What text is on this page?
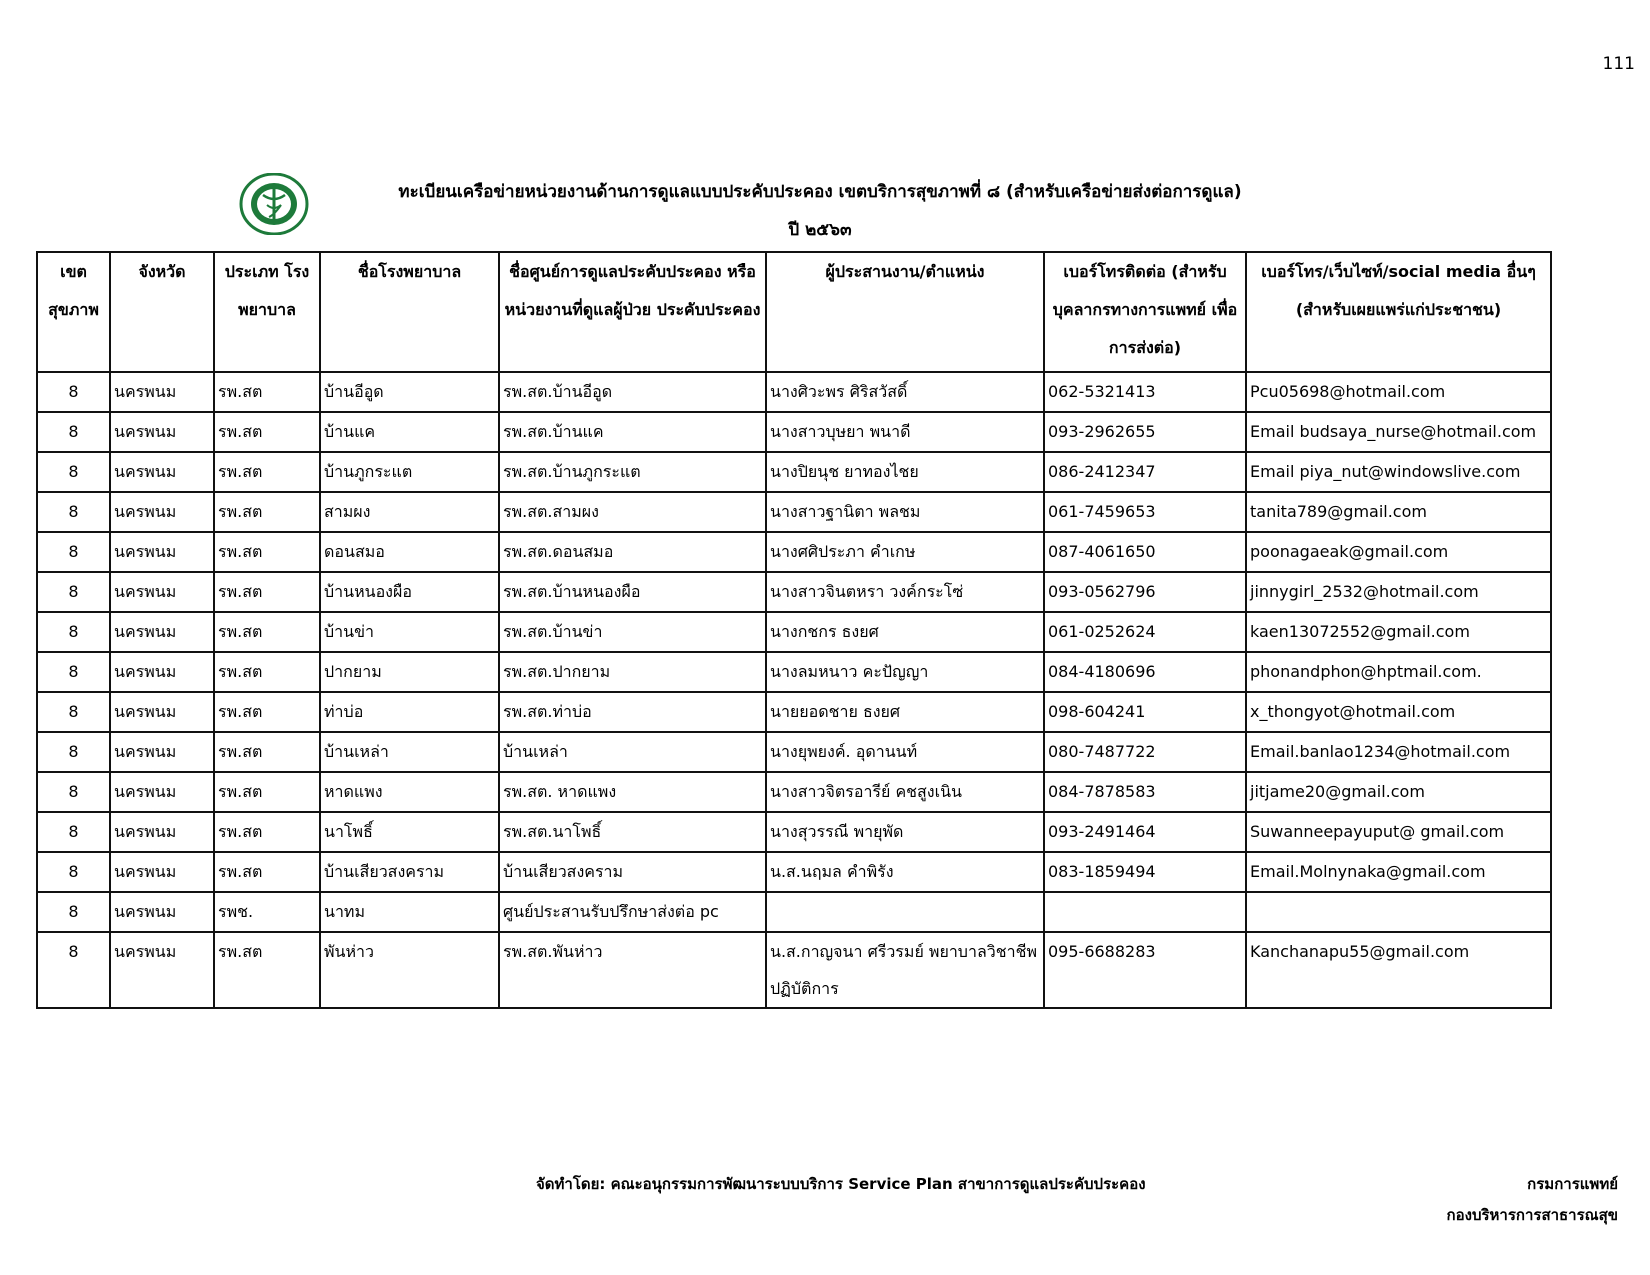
111
ทะเบียนเครือข่ายหน่วยงานด้านการดูแลแบบประคับประคอง เขตบริการสุขภาพที่ ๘ (สำหรับเครือข่ายส่งต่อการดูแล)
ปี ๒๕๖๓
เขต สุขภาพ	จังหวัด	ประเภท โรงพยาบาล	ชื่อโรงพยาบาล	ชื่อศูนย์การดูแลประคับประคอง หรือ หน่วยงานที่ดูแลผู้ป่วย ประคับประคอง	ผู้ประสานงาน/ตำแหน่ง	เบอร์โทรติดต่อ (สำหรับ บุคลากรทางการแพทย์ เพื่อการส่งต่อ)	เบอร์โทร/เว็บไซท์/social media อื่นๆ (สำหรับเผยแพร่แก่ประชาชน)
8	นครพนม	รพ.สต	บ้านอีอูด	รพ.สต.บ้านอีอูด	นางศิวะพร ศิริสวัสดิ์	062-5321413	Pcu05698@hotmail.com
8	นครพนม	รพ.สต	บ้านแค	รพ.สต.บ้านแค	นางสาวบุษยา พนาดี	093-2962655	Email budsaya_nurse@hotmail.com
8	นครพนม	รพ.สต	บ้านภูกระแต	รพ.สต.บ้านภูกระแต	นางปิยนุช ยาทองไชย	086-2412347	Email piya_nut@windowslive.com
8	นครพนม	รพ.สต	สามผง	รพ.สต.สามผง	นางสาวฐานิตา พลชม	061-7459653	tanita789@gmail.com
8	นครพนม	รพ.สต	ดอนสมอ	รพ.สต.ดอนสมอ	นางศศิประภา คำเกษ	087-4061650	poonagaeak@gmail.com
8	นครพนม	รพ.สต	บ้านหนองผือ	รพ.สต.บ้านหนองผือ	นางสาวจินตหรา วงค์กระโซ่	093-0562796	jinnygirl_2532@hotmail.com
8	นครพนม	รพ.สต	บ้านข่า	รพ.สต.บ้านข่า	นางกชกร ธงยศ	061-0252624	kaen13072552@gmail.com
8	นครพนม	รพ.สต	ปากยาม	รพ.สต.ปากยาม	นางลมหนาว คะปัญญา	084-4180696	phonandphon@hptmail.com.
8	นครพนม	รพ.สต	ท่าบ่อ	รพ.สต.ท่าบ่อ	นายยอดชาย ธงยศ	098-604241	x_thongyot@hotmail.com
8	นครพนม	รพ.สต	บ้านเหล่า	บ้านเหล่า	นางยุพยงค์. อุดานนท์	080-7487722	Email.banlao1234@hotmail.com
8	นครพนม	รพ.สต	หาดแพง	รพ.สต. หาดแพง	นางสาวจิตรอารีย์ คชสูงเนิน	084-7878583	jitjame20@gmail.com
8	นครพนม	รพ.สต	นาโพธิ์	รพ.สต.นาโพธิ์	นางสุวรรณี พายุพัด	093-2491464	Suwanneepayuput@ gmail.com
8	นครพนม	รพ.สต	บ้านเสียวสงคราม	บ้านเสียวสงคราม	น.ส.นฤมล คำพิรัง	083-1859494	Email.Molnynaka@gmail.com
8	นครพนม	รพช.	นาทม	ศูนย์ประสานรับปรึกษาส่งต่อ pc			
8	นครพนม	รพ.สต	พันห่าว	รพ.สต.พันห่าว	น.ส.กาญจนา ศรีวรมย์ พยาบาลวิชาชีพปฏิบัติการ	095-6688283	Kanchanapu55@gmail.com
จัดทำโดย: คณะอนุกรรมการพัฒนาระบบบริการ Service Plan สาขาการดูแลประคับประคอง	กรมการแพทย์
กองบริหารการสาธารณสุข
